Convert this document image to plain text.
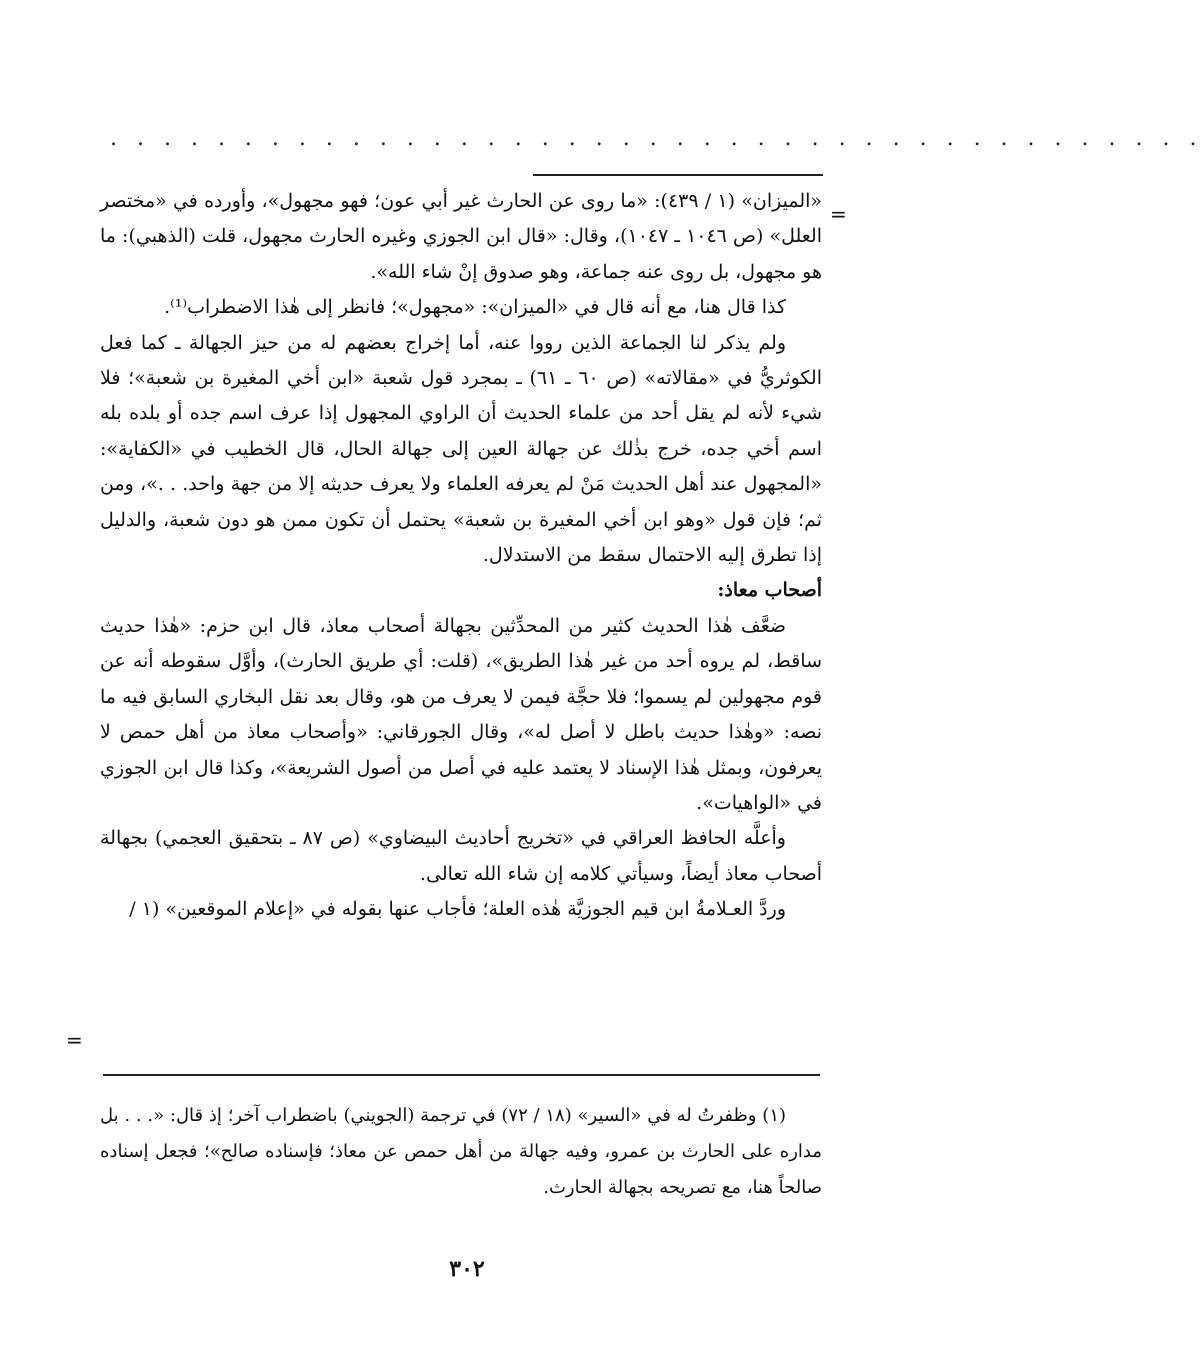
. . . . . . . . . . . . . . . . . . . . . . . . . . . . . . . . . . . . . . . . .
=

«الميزان» (١ / ٤٣٩): «ما روى عن الحارث غير أبي عون؛ فهو مجهول»، وأورده في «مختصر العلل» (ص ١٠٤٦ ـ ١٠٤٧)، وقال: «قال ابن الجوزي وغيره الحارث مجهول، قلت (الذهبي): ما هو مجهول، بل روى عنه جماعة، وهو صدوق إنْ شاء الله».

كذا قال هنا، مع أنه قال في «الميزان»: «مجهول»؛ فانظر إلى هٰذا الاضطراب⁽¹⁾.

ولم يذكر لنا الجماعة الذين رووا عنه، أما إخراج بعضهم له من حيز الجهالة ـ كما فعل الكوثريُّ في «مقالاته» (ص ٦٠ ـ ٦١) ـ بمجرد قول شعبة «ابن أخي المغيرة بن شعبة»؛ فلا شيء لأنه لم يقل أحد من علماء الحديث أن الراوي المجهول إذا عرف اسم جده أو بلده بله اسم أخي جده، خرج بذٰلك عن جهالة العين إلى جهالة الحال، قال الخطيب في «الكفاية»: «المجهول عند أهل الحديث مَنْ لم يعرفه العلماء ولا يعرف حديثه إلا من جهة واحد. . .»، ومن ثم؛ فإن قول «وهو ابن أخي المغيرة بن شعبة» يحتمل أن تكون ممن هو دون شعبة، والدليل إذا تطرق إليه الاحتمال سقط من الاستدلال.

أصحاب معاذ:

ضعَّف هٰذا الحديث كثير من المحدِّثين بجهالة أصحاب معاذ، قال ابن حزم: «هٰذا حديث ساقط، لم يروه أحد من غير هٰذا الطريق»، (قلت: أي طريق الحارث)، وأوَّل سقوطه أنه عن قوم مجهولين لم يسموا؛ فلا حجَّة فيمن لا يعرف من هو، وقال بعد نقل البخاري السابق فيه ما نصه: «وهٰذا حديث باطل لا أصل له»، وقال الجورقاني: «وأصحاب معاذ من أهل حمص لا يعرفون، وبمثل هٰذا الإسناد لا يعتمد عليه في أصل من أصول الشريعة»، وكذا قال ابن الجوزي في «الواهيات».

وأعلَّه الحافظ العراقي في «تخريج أحاديث البيضاوي» (ص ٨٧ ـ بتحقيق العجمي) بجهالة أصحاب معاذ أيضاً، وسيأتي كلامه إن شاء الله تعالى.

وردَّ العـلامةُ ابن قيم الجوزيَّة هٰذه العلة؛ فأجاب عنها بقوله في «إعلام الموقعين» (١ /

=

(١) وظفرتُ له في «السير» (١٨ / ٧٢) في ترجمة (الجويني) باضطراب آخر؛ إذ قال: «. . . بل مداره على الحارث بن عمرو، وفيه جهالة من أهل حمص عن معاذ؛ فإسناده صالح»؛ فجعل إسناده صالحاً هنا، مع تصريحه بجهالة الحارث.

٣٠٢
